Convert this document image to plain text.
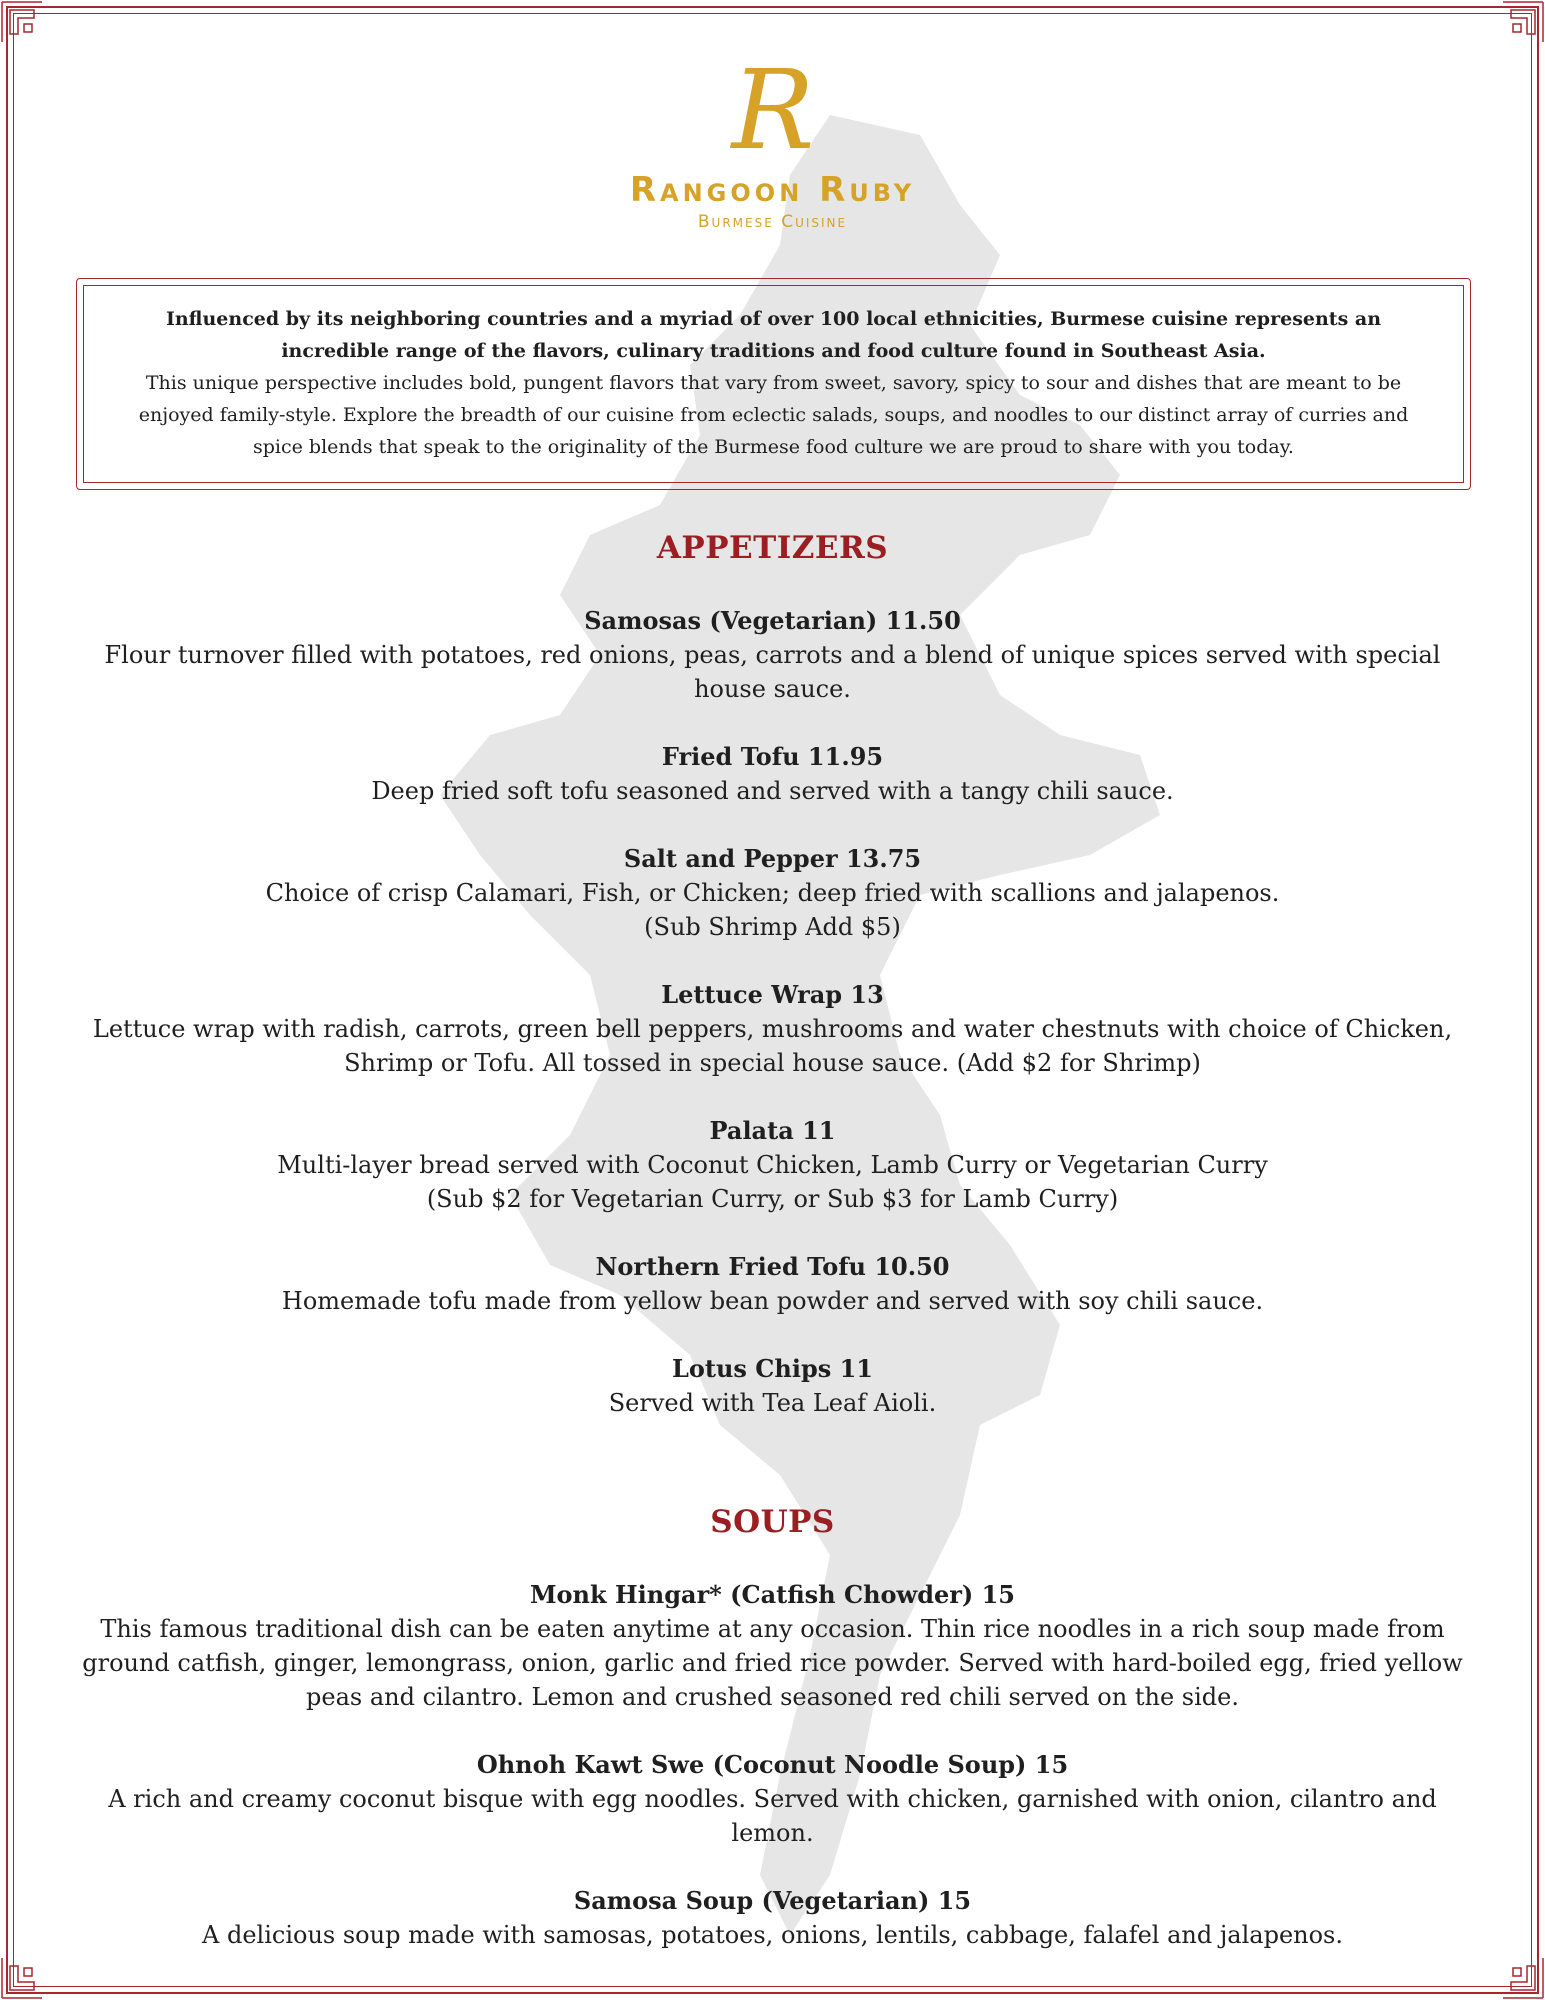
R
Rangoon Ruby
Burmese Cuisine
Influenced by its neighboring countries and a myriad of over 100 local ethnicities, Burmese cuisine represents an incredible range of the flavors, culinary traditions and food culture found in Southeast Asia.
This unique perspective includes bold, pungent flavors that vary from sweet, savory, spicy to sour and dishes that are meant to be enjoyed family-style. Explore the breadth of our cuisine from eclectic salads, soups, and noodles to our distinct array of curries and spice blends that speak to the originality of the Burmese food culture we are proud to share with you today.
APPETIZERS
Samosas (Vegetarian) 11.50
Flour turnover filled with potatoes, red onions, peas, carrots and a blend of unique spices served with special house sauce.
Fried Tofu 11.95
Deep fried soft tofu seasoned and served with a tangy chili sauce.
Salt and Pepper 13.75
Choice of crisp Calamari, Fish, or Chicken; deep fried with scallions and jalapenos.
(Sub Shrimp Add $5)
Lettuce Wrap 13
Lettuce wrap with radish, carrots, green bell peppers, mushrooms and water chestnuts with choice of Chicken, Shrimp or Tofu. All tossed in special house sauce. (Add $2 for Shrimp)
Palata 11
Multi-layer bread served with Coconut Chicken, Lamb Curry or Vegetarian Curry
(Sub $2 for Vegetarian Curry, or Sub $3 for Lamb Curry)
Northern Fried Tofu 10.50
Homemade tofu made from yellow bean powder and served with soy chili sauce.
Lotus Chips 11
Served with Tea Leaf Aioli.
SOUPS
Monk Hingar* (Catfish Chowder) 15
This famous traditional dish can be eaten anytime at any occasion. Thin rice noodles in a rich soup made from ground catfish, ginger, lemongrass, onion, garlic and fried rice powder. Served with hard-boiled egg, fried yellow peas and cilantro. Lemon and crushed seasoned red chili served on the side.
Ohnoh Kawt Swe (Coconut Noodle Soup) 15
A rich and creamy coconut bisque with egg noodles. Served with chicken, garnished with onion, cilantro and lemon.
Samosa Soup (Vegetarian) 15
A delicious soup made with samosas, potatoes, onions, lentils, cabbage, falafel and jalapenos.
